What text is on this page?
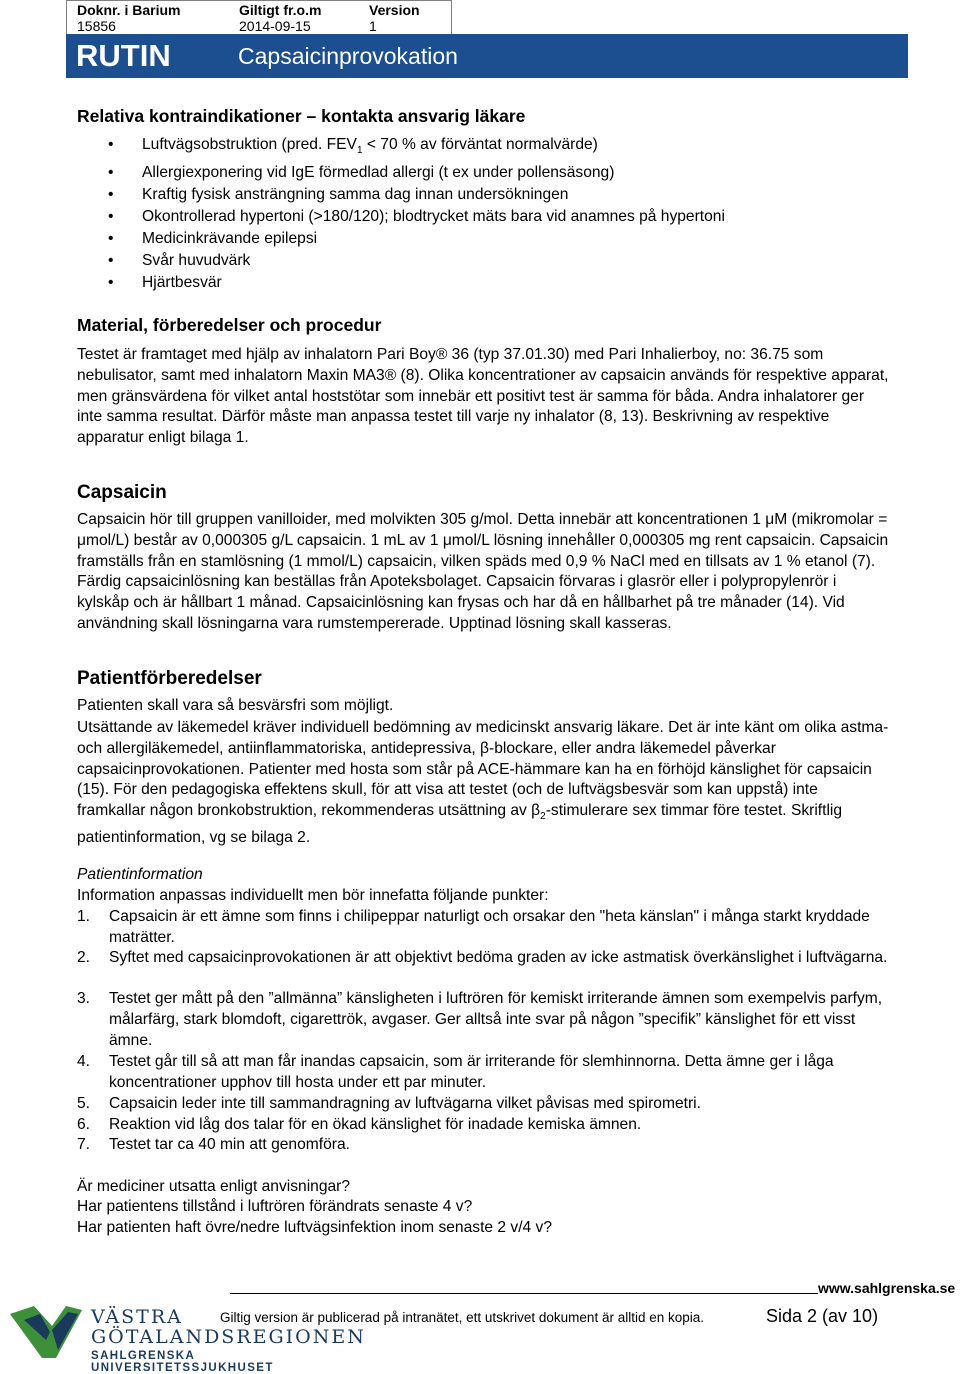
Doknr. i Barium
15856
Giltigt fr.o.m
2014-09-15
Version
1
RUTIN	Capsaicinprovokation
Relativa kontraindikationer – kontakta ansvarig läkare
• Luftvägsobstruktion (pred. $FEV_1 < 70$ % av förväntat normalvärde)
• Allergiexponering vid IgE förmedlad allergi (t ex under pollensäsong)
• Kraftig fysisk ansträngning samma dag innan undersökningen
• Okontrollerad hypertoni (>180/120); blodtrycket mäts bara vid anamnes på hypertoni
• Medicinkrävande epilepsi
• Svår huvudvärk
• Hjärtbesvär
Material, förberedelser och procedur

Testet är framtaget med hjälp av inhalatorn Pari Boy® 36 (typ 37.01.30) med Pari Inhalierboy, no: 36.75 som nebulisator, samt med inhalatorn Maxin MA3® (8). Olika koncentrationer av capsaicin används för respektive apparat, men gränsvärdena för vilket antal hoststötar som innebär ett positivt test är samma för båda. Andra inhalatorer ger inte samma resultat. Därför måste man anpassa testet till varje ny inhalator (8, 13). Beskrivning av respektive apparatur enligt bilaga 1.

Capsaicin

Capsaicin hör till gruppen vanilloider, med molvikten 305 g/mol. Detta innebär att koncentrationen 1 μM (mikromolar = μmol/L) består av 0,000305 g/L capsaicin. 1 mL av 1 μmol/L lösning innehåller 0,000305 mg rent capsaicin. Capsaicin framställs från en stamlösning (1 mmol/L) capsaicin, vilken späds med 0,9 % NaCl med en tillsats av 1 % etanol (7). Färdig capsaicinlösning kan beställas från Apoteksbolaget. Capsaicin förvaras i glasrör eller i polypropylenrör i kylskåp och är hållbart 1 månad. Capsaicinlösning kan frysas och har då en hållbarhet på tre månader (14). Vid användning skall lösningarna vara rumstempererade. Upptinad lösning skall kasseras.

Patientförberedelser

Patienten skall vara så besvärsfri som möjligt.

Utsättande av läkemedel kräver individuell bedömning av medicinskt ansvarig läkare. Det är inte känt om olika astma- och allergiläkemedel, antiinflammatoriska, antidepressiva, β-blockare, eller andra läkemedel påverkar capsaicinprovokationen. Patienter med hosta som står på ACE-hämmare kan ha en förhöjd känslighet för capsaicin (15). För den pedagogiska effektens skull, för att visa att testet (och de luftvägsbesvär som kan uppstå) inte framkallar någon bronkobstruktion, rekommenderas utsättning av $\beta_2$-stimulerare sex timmar före testet. Skriftlig patientinformation, vg se bilaga 2.

Patientinformation
Information anpassas individuellt men bör innefatta följande punkter:
1. Capsaicin är ett ämne som finns i chilipeppar naturligt och orsakar den "heta känslan" i många starkt kryddade maträtter.
2. Syftet med capsaicinprovokationen är att objektivt bedöma graden av icke astmatisk överkänslighet i luftvägarna.
3. Testet ger mått på den ”allmänna” känsligheten i luftrören för kemiskt irriterande ämnen som exempelvis parfym, målarfärg, stark blomdoft, cigarettrök, avgaser. Ger alltså inte svar på någon ”specifik” känslighet för ett visst ämne.
4. Testet går till så att man får inandas capsaicin, som är irriterande för slemhinnorna. Detta ämne ger i låga koncentrationer upphov till hosta under ett par minuter.
5. Capsaicin leder inte till sammandragning av luftvägarna vilket påvisas med spirometri.
6. Reaktion vid låg dos talar för en ökad känslighet för inadade kemiska ämnen.
7. Testet tar ca 40 min att genomföra.
Är mediciner utsatta enligt anvisningar?
Har patientens tillstånd i luftrören förändrats senaste 4 v?
Har patienten haft övre/nedre luftvägsinfektion inom senaste 2 v/4 v?
www.sahlgrenska.se
Giltig version är publicerad på intranätet, ett utskrivet dokument är alltid en kopia.	Sida 2 (av 10)
VÄSTRA
GÖTALANDSREGIONEN
SAHLGRENSKA UNIVERSITETSSJUKHUSET
